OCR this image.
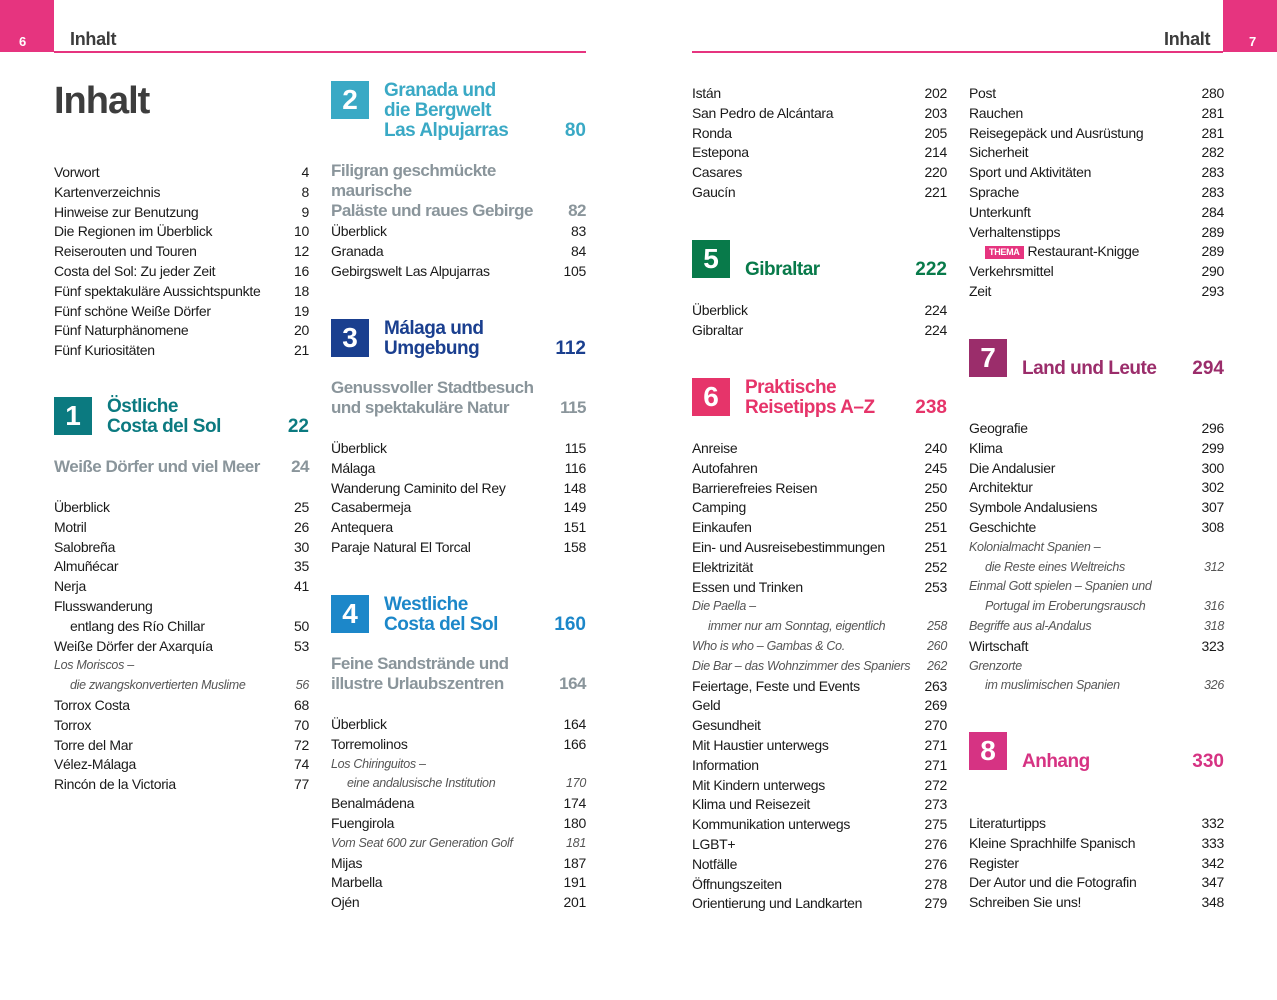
6	Inhalt
Inhalt
Vorwort	4
Kartenverzeichnis	8
Hinweise zur Benutzung	9
Die Regionen im Überblick	10
Reiserouten und Touren	12
Costa del Sol: Zu jeder Zeit	16
Fünf spektakuläre Aussichtspunkte 18
Fünf schöne Weiße Dörfer	19
Fünf Naturphänomene	20
Fünf Kuriositäten	21
1	Östliche
Costa del Sol	22
Weiße Dörfer und viel Meer	24
Überblick	25
Motril	26
Salobreña	30
Almuñécar	35
Nerja	41
Flusswanderung
entlang des Río Chillar	50
Weiße Dörfer der Axarquía	53
Los Moriscos –
die zwangskonvertierten Muslime	56
Torrox Costa	68
Torrox	70
Torre del Mar	72
Vélez-Málaga	74
Rincón de la Victoria	77
2	Granada und
die Bergwelt
Las Alpujarras	80
Filigran geschmückte maurische
Paläste und raues Gebirge	82
Überblick	83
Granada	84
Gebirgswelt Las Alpujarras	105
3	Málaga und
Umgebung	112
Genussvoller Stadtbesuch
und spektakuläre Natur	115
Überblick	115
Málaga	116
Wanderung Caminito del Rey	148
Casabermeja	149
Antequera	151
Paraje Natural El Torcal	158
4	Westliche
Costa del Sol	160
Feine Sandstrände und
illustre Urlaubszentren	164
Überblick	164
Torremolinos	166
Los Chiringuitos –
eine andalusische Institution	170
Benalmádena	174
Fuengirola	180
Vom Seat 600 zur Generation Golf	181
Mijas	187
Marbella	191
Ojén	201
7
Inhalt
Istán	202
San Pedro de Alcántara	203
Ronda	205
Estepona	214
Casares	220
Gaucín	221
5	Gibraltar	222
Überblick	224
Gibraltar	224
6	Praktische
Reisetipps A–Z 238
Anreise	240
Autofahren	245
Barrierefreies Reisen	250
Camping	250
Einkaufen	251
Ein- und Ausreisebestimmungen	251
Elektrizität	252
Essen und Trinken	253
Die Paella –
immer nur am Sonntag, eigentlich	258
Who is who – Gambas & Co.	260
Die Bar – das Wohnzimmer des Spaniers 262
Feiertage, Feste und Events	263
Geld	269
Gesundheit	270
Mit Haustier unterwegs	271
Information	271
Mit Kindern unterwegs	272
Klima und Reisezeit	273
Kommunikation unterwegs	275
LGBT+	276
Notfälle	276
Öffnungszeiten	278
Orientierung und Landkarten	279
Post	280
Rauchen	281
Reisegepäck und Ausrüstung	281
Sicherheit	282
Sport und Aktivitäten	283
Sprache	283
Unterkunft	284
Verhaltenstipps	289
THEMA Restaurant-Knigge	289
Verkehrsmittel	290
Zeit	293
7	Land und Leute 294
Geografie	296
Klima	299
Die Andalusier	300
Architektur	302
Symbole Andalusiens	307
Geschichte	308
Kolonialmacht Spanien –
die Reste eines Weltreichs	312
Einmal Gott spielen – Spanien und
Portugal im Eroberungsrausch	316
Begriffe aus al-Andalus	318
Wirtschaft	323
Grenzorte
im muslimischen Spanien	326
8	Anhang	330
Literaturtipps	332
Kleine Sprachhilfe Spanisch	333
Register	342
Der Autor und die Fotografin	347
Schreiben Sie uns!	348
